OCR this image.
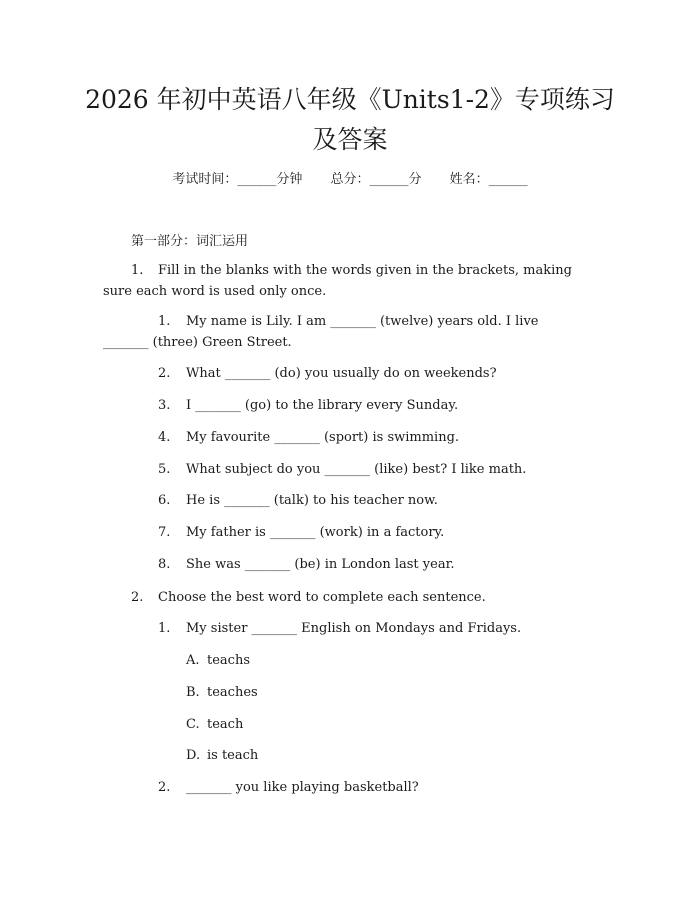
2026 年初中英语八年级《Units1-2》专项练习及答案
考试时间：______分钟 总分：______分 姓名：______
第一部分：词汇运用
1. Fill in the blanks with the words given in the brackets, making sure each word is used only once.
1. My name is Lily. I am _______ (twelve) years old. I live
_______ (three) Green Street.
2. What _______ (do) you usually do on weekends?
3. I _______ (go) to the library every Sunday.
4. My favourite _______ (sport) is swimming.
5. What subject do you _______ (like) best? I like math.
6. He is _______ (talk) to his teacher now.
7. My father is _______ (work) in a factory.
8. She was _______ (be) in London last year.
2. Choose the best word to complete each sentence.
1. My sister _______ English on Mondays and Fridays.
A. teachs
B. teaches
C. teach
D. is teach
2. _______ you like playing basketball?
